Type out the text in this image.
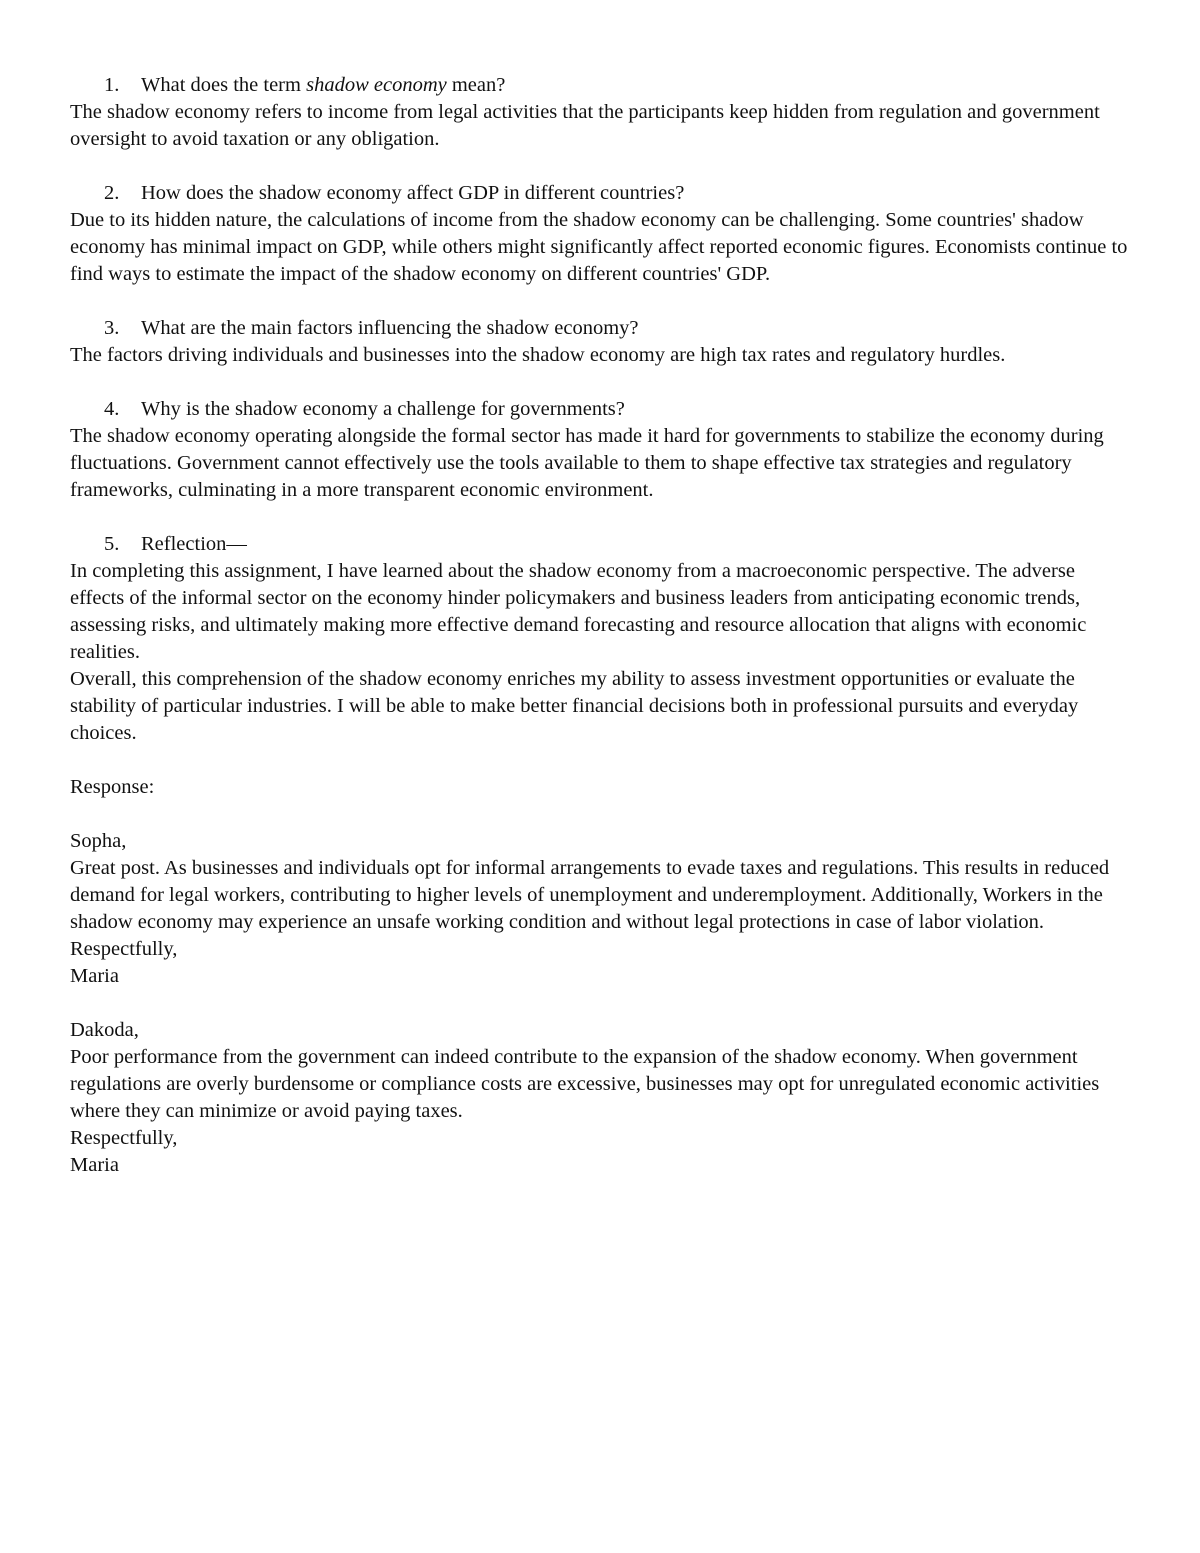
1.	What does the term shadow economy mean?

The shadow economy refers to income from legal activities that the participants keep hidden from regulation and government oversight to avoid taxation or any obligation.

2.	How does the shadow economy affect GDP in different countries?

Due to its hidden nature, the calculations of income from the shadow economy can be challenging. Some countries' shadow economy has minimal impact on GDP, while others might significantly affect reported economic figures. Economists continue to find ways to estimate the impact of the shadow economy on different countries' GDP.

3.	What are the main factors influencing the shadow economy?

The factors driving individuals and businesses into the shadow economy are high tax rates and regulatory hurdles.

4.	Why is the shadow economy a challenge for governments?

The shadow economy operating alongside the formal sector has made it hard for governments to stabilize the economy during fluctuations. Government cannot effectively use the tools available to them to shape effective tax strategies and regulatory frameworks, culminating in a more transparent economic environment.

5.	Reflection—

In completing this assignment, I have learned about the shadow economy from a macroeconomic perspective. The adverse effects of the informal sector on the economy hinder policymakers and business leaders from anticipating economic trends, assessing risks, and ultimately making more effective demand forecasting and resource allocation that aligns with economic realities.

Overall, this comprehension of the shadow economy enriches my ability to assess investment opportunities or evaluate the stability of particular industries. I will be able to make better financial decisions both in professional pursuits and everyday choices.

Response:

Sopha,

Great post. As businesses and individuals opt for informal arrangements to evade taxes and regulations. This results in reduced demand for legal workers, contributing to higher levels of unemployment and underemployment. Additionally, Workers in the shadow economy may experience an unsafe working condition and without legal protections in case of labor violation.

Respectfully,

Maria

Dakoda,

Poor performance from the government can indeed contribute to the expansion of the shadow economy. When government regulations are overly burdensome or compliance costs are excessive, businesses may opt for unregulated economic activities where they can minimize or avoid paying taxes.

Respectfully,

Maria
